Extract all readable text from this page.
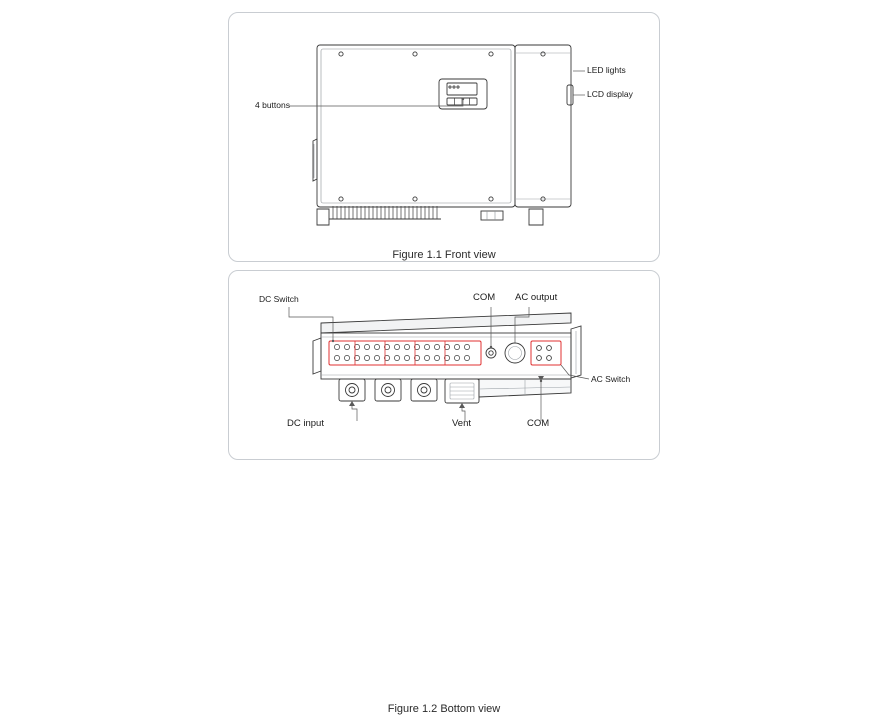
LED lights
LCD display
4 buttons
Figure 1.1 Front view
DC Switch	COM AC output
AC Switch
DC input	Vent	COM
Figure 1.2 Bottom view
